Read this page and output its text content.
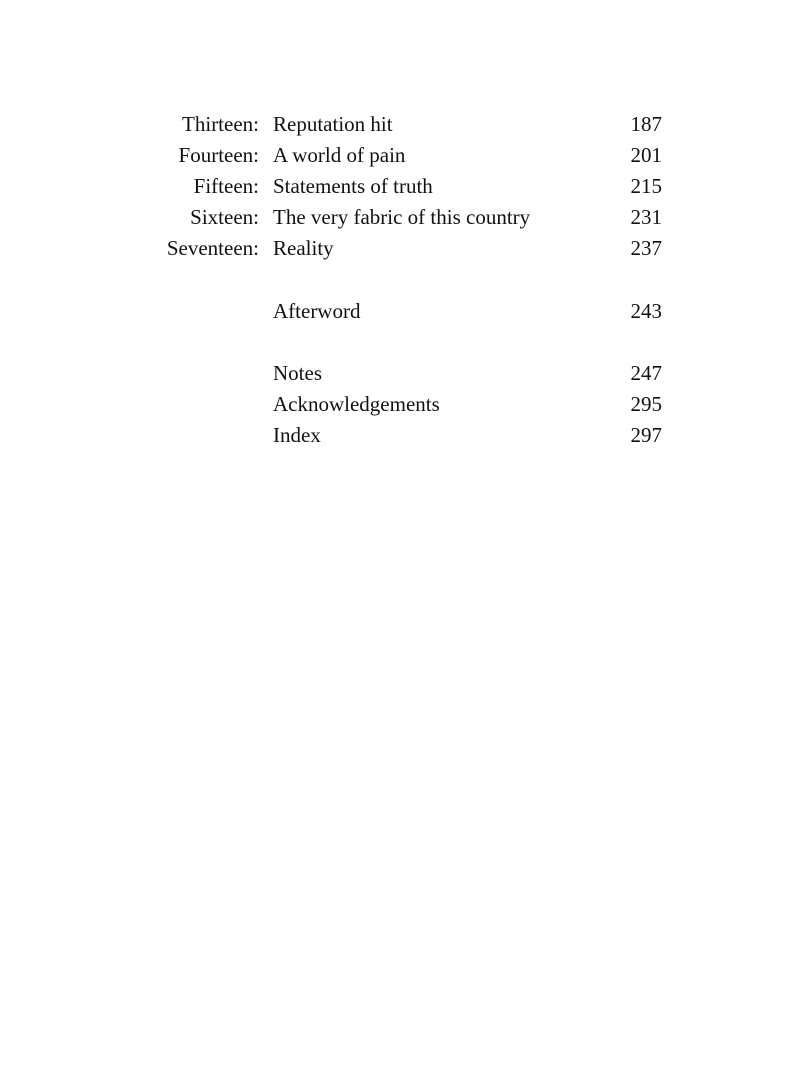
Thirteen: Reputation hit	187
Fourteen: A world of pain	201
Fifteen: Statements of truth	215
Sixteen: The very fabric of this country	231
Seventeen: Reality	237
Afterword	243
Notes	247
Acknowledgements	295
Index	297
